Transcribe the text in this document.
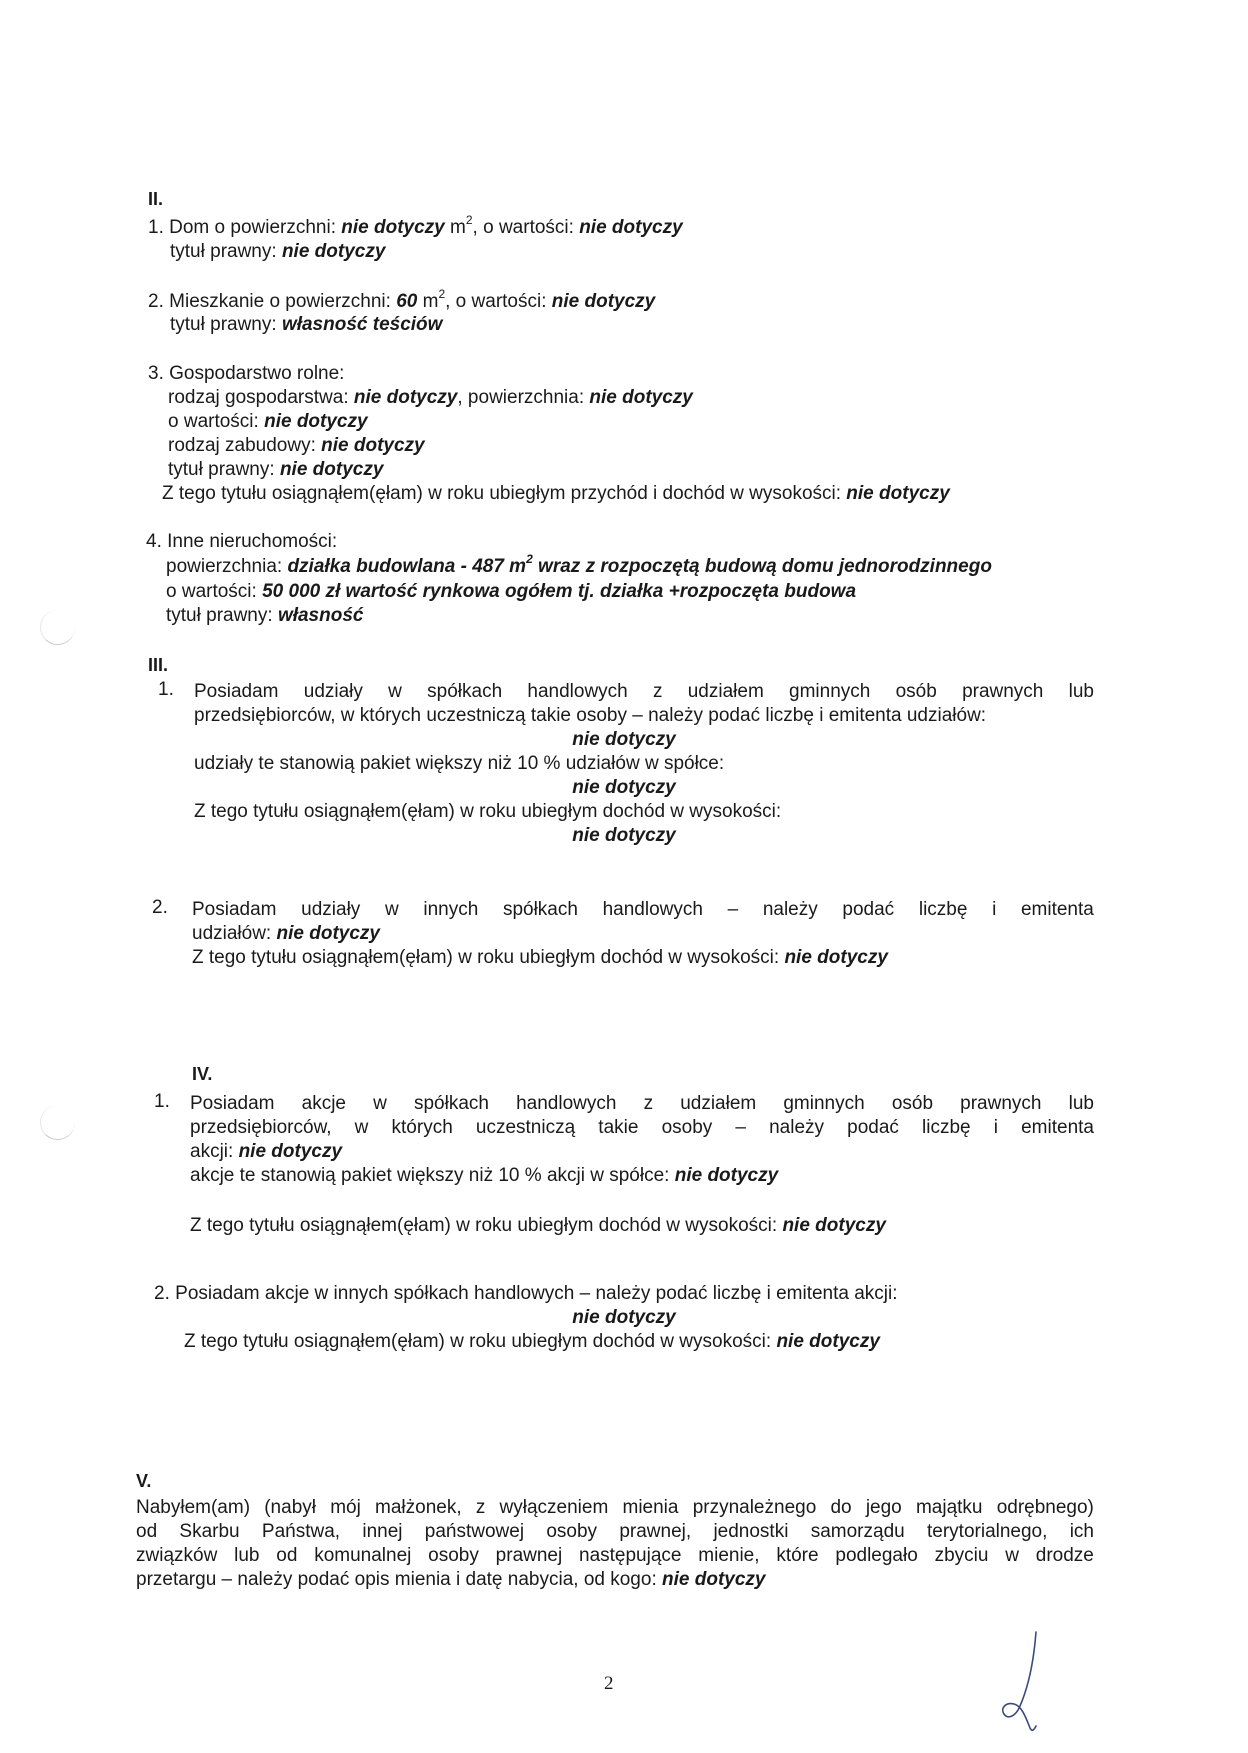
II.
1. Dom o powierzchni: nie dotyczy $m^2$, o wartości: nie dotyczy
tytuł prawny: nie dotyczy
2. Mieszkanie o powierzchni: 60 $m^2$, o wartości: nie dotyczy
tytuł prawny: własność teściów
3. Gospodarstwo rolne:
rodzaj gospodarstwa: nie dotyczy, powierzchnia: nie dotyczy
o wartości: nie dotyczy
rodzaj zabudowy: nie dotyczy
tytuł prawny: nie dotyczy
Z tego tytułu osiągnąłem(ęłam) w roku ubiegłym przychód i dochód w wysokości: nie dotyczy
4. Inne nieruchomości:
powierzchnia: działka budowlana - 487 $m^2$ wraz z rozpoczętą budową domu jednorodzinnego
o wartości: 50 000 zł wartość rynkowa ogółem tj. działka +rozpoczęta budowa
tytuł prawny: własność
III.
1. Posiadam udziały w spółkach handlowych z udziałem gminnych osób prawnych lub
przedsiębiorców, w których uczestniczą takie osoby – należy podać liczbę i emitenta udziałów:
nie dotyczy
udziały te stanowią pakiet większy niż 10 % udziałów w spółce:
nie dotyczy
Z tego tytułu osiągnąłem(ęłam) w roku ubiegłym dochód w wysokości:
nie dotyczy
2. Posiadam udziały w innych spółkach handlowych – należy podać liczbę i emitenta
udziałów: nie dotyczy
Z tego tytułu osiągnąłem(ęłam) w roku ubiegłym dochód w wysokości: nie dotyczy
IV.
1. Posiadam akcje w spółkach handlowych z udziałem gminnych osób prawnych lub
przedsiębiorców, w których uczestniczą takie osoby – należy podać liczbę i emitenta
akcji: nie dotyczy
akcje te stanowią pakiet większy niż 10 % akcji w spółce: nie dotyczy
Z tego tytułu osiągnąłem(ęłam) w roku ubiegłym dochód w wysokości: nie dotyczy
2. Posiadam akcje w innych spółkach handlowych – należy podać liczbę i emitenta akcji:
nie dotyczy
Z tego tytułu osiągnąłem(ęłam) w roku ubiegłym dochód w wysokości: nie dotyczy
V.
Nabyłem(am) (nabył mój małżonek, z wyłączeniem mienia przynależnego do jego majątku odrębnego)
od Skarbu Państwa, innej państwowej osoby prawnej, jednostki samorządu terytorialnego, ich
związków lub od komunalnej osoby prawnej następujące mienie, które podlegało zbyciu w drodze
przetargu – należy podać opis mienia i datę nabycia, od kogo: nie dotyczy
2
